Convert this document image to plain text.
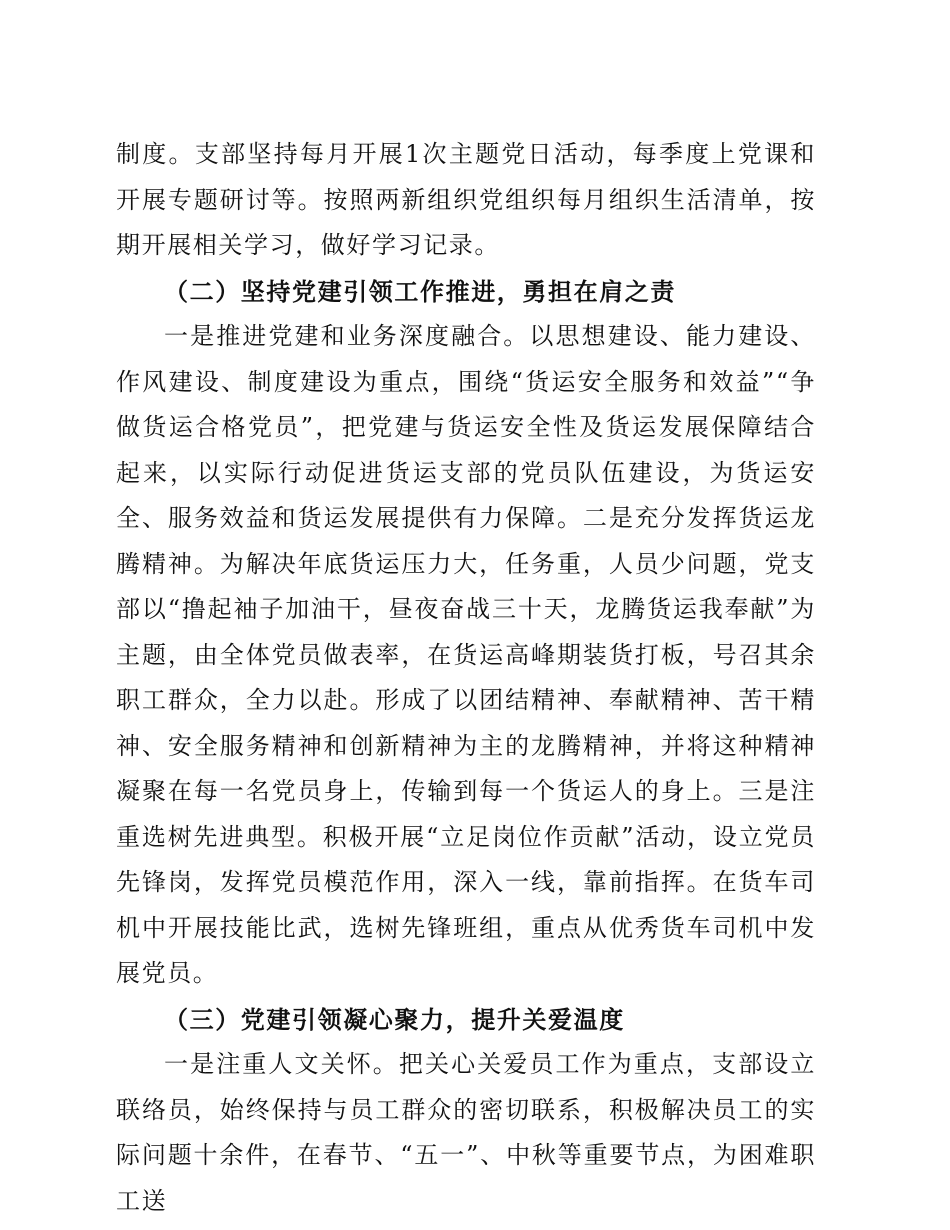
制度。支部坚持每月开展1次主题党日活动，每季度上党课和开展专题研讨等。按照两新组织党组织每月组织生活清单，按期开展相关学习，做好学习记录。

（二）坚持党建引领工作推进，勇担在肩之责

一是推进党建和业务深度融合。以思想建设、能力建设、作风建设、制度建设为重点，围绕“货运安全服务和效益”“争做货运合格党员”，把党建与货运安全性及货运发展保障结合起来，以实际行动促进货运支部的党员队伍建设，为货运安全、服务效益和货运发展提供有力保障。二是充分发挥货运龙腾精神。为解决年底货运压力大，任务重，人员少问题，党支部以“撸起袖子加油干，昼夜奋战三十天，龙腾货运我奉献”为主题，由全体党员做表率，在货运高峰期装货打板，号召其余职工群众，全力以赴。形成了以团结精神、奉献精神、苦干精神、安全服务精神和创新精神为主的龙腾精神，并将这种精神凝聚在每一名党员身上，传输到每一个货运人的身上。三是注重选树先进典型。积极开展“立足岗位作贡献”活动，设立党员先锋岗，发挥党员模范作用，深入一线，靠前指挥。在货车司机中开展技能比武，选树先锋班组，重点从优秀货车司机中发展党员。

（三）党建引领凝心聚力，提升关爱温度

一是注重人文关怀。把关心关爱员工作为重点，支部设立联络员，始终保持与员工群众的密切联系，积极解决员工的实际问题十余件，在春节、“五一”、中秋等重要节点，为困难职工送
